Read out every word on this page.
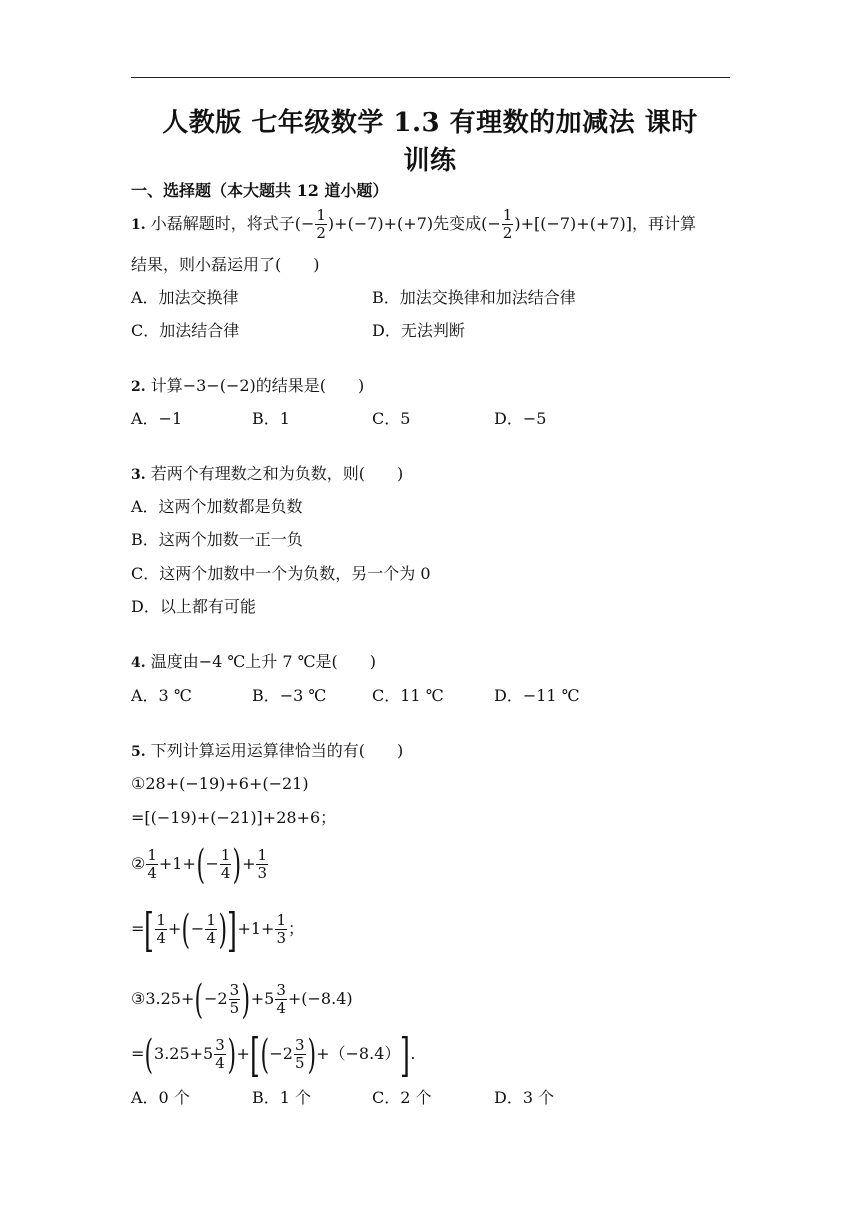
人教版 七年级数学 1.3 有理数的加减法 课时
训练
一、选择题（本大题共 12 道小题）
1. 小磊解题时，将式子(− $\frac{1}{2} )+(-7)+(+7)$先变成(− $\frac{1}{2} )+[(-7)+(+7)]$，再计算
结果，则小磊运用了(　　)
A．加法交换律	B．加法交换律和加法结合律
C．加法结合律	D．无法判断
2. 计算−3−(−2)的结果是(　　)
A．−1	B．1	C．5	D．−5
3. 若两个有理数之和为负数，则(　　)
A．这两个加数都是负数
B．这两个加数一正一负
C．这两个加数中一个为负数，另一个为 0
D．以上都有可能
4. 温度由−4 ℃上升 7 ℃是(　　)
A．3 ℃	B．−3 ℃	C．11 ℃	D．−11 ℃
5. 下列计算运用运算律恰当的有(　　)
①28+(−19)+6+(−21)
=[(−19)+(−21)]+28+6；
② $\frac{1}{4} +1+(- \frac{1}{4}$ )+ $\frac{1}{3}$
=[ $\frac{1}{4}$ +(− $\frac{1}{4} )]+1+ \frac{1}{3}$ ；
③3.25+(−2 $\frac{3}{5} )+5 \frac{3}{4} +(-8.4)$
$=(3.25+5 \frac{3}{4} )+[(-2 \frac{3}{5} )+(-8.4)]$.
A．0 个	B．1 个	C．2 个	D．3 个
